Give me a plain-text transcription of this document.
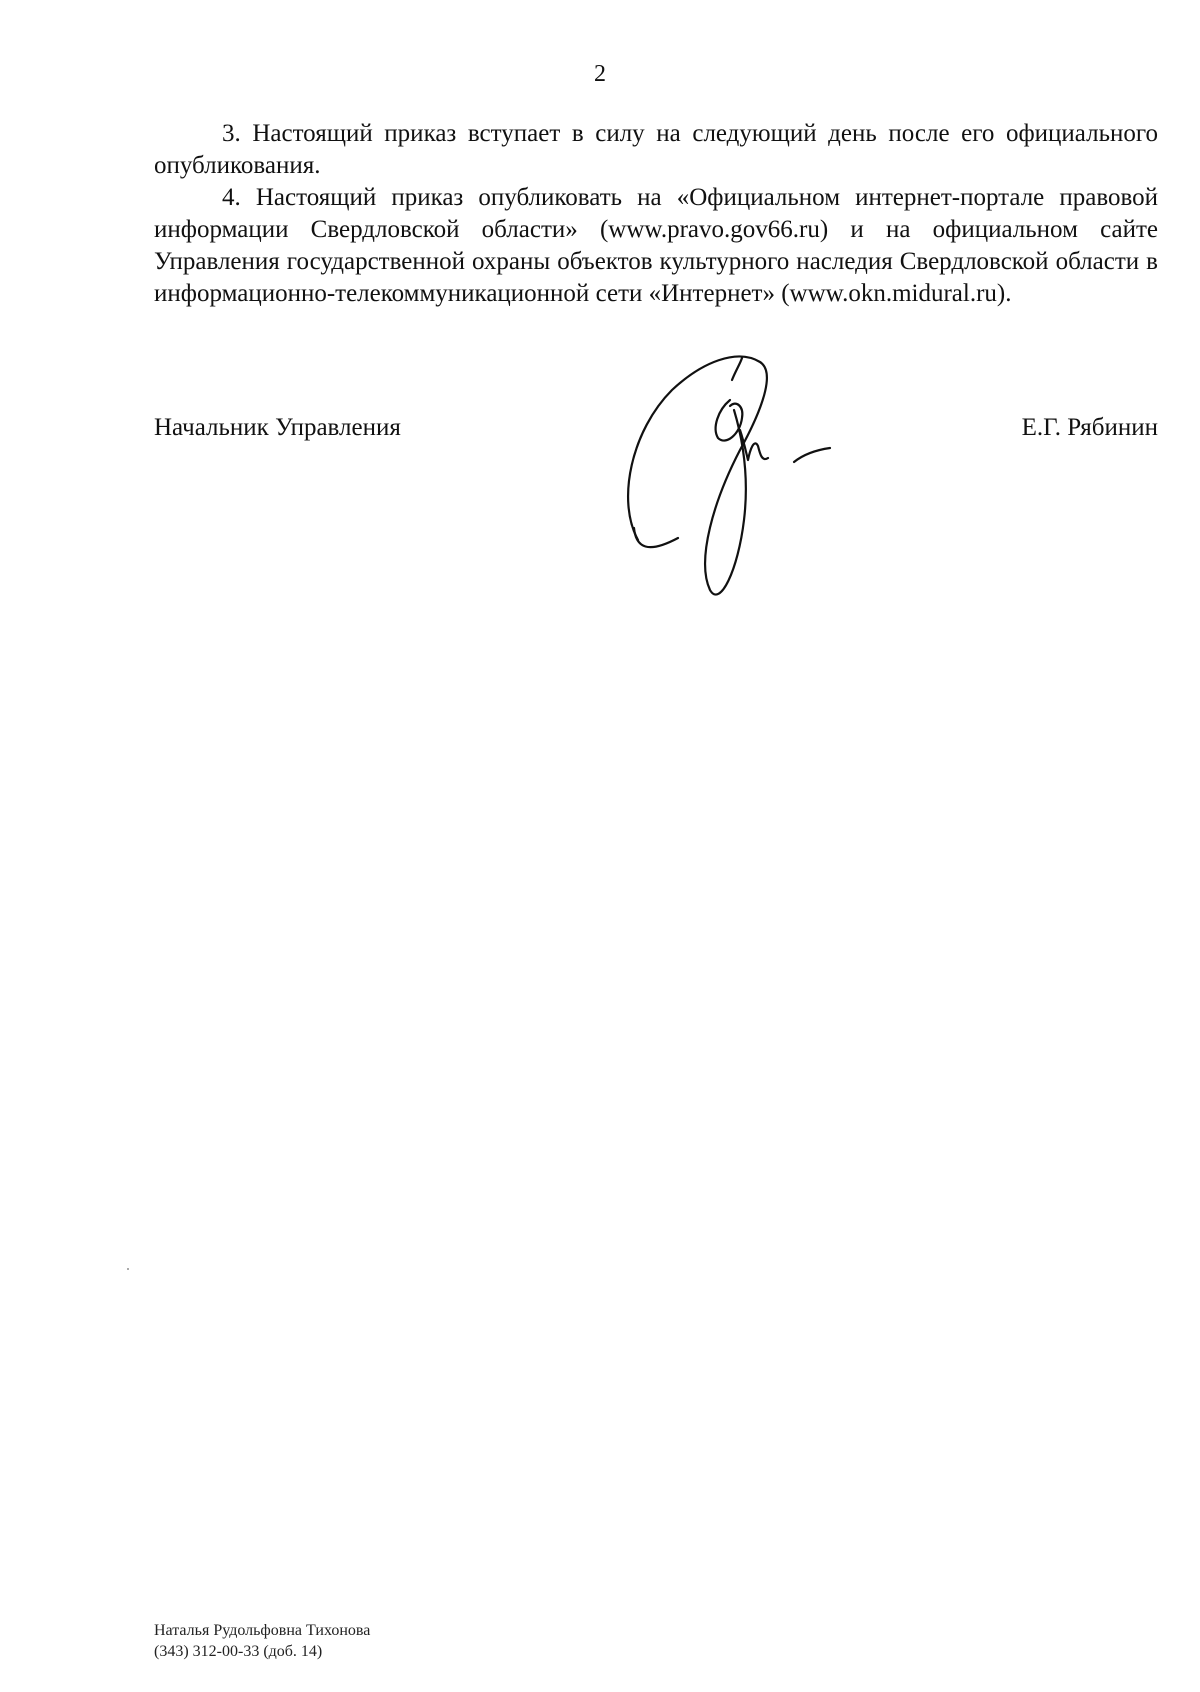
2

3. Настоящий приказ вступает в силу на следующий день после его официального опубликования.

4. Настоящий приказ опубликовать на «Официальном интернет-портале правовой информации Свердловской области» (www.pravo.gov66.ru) и на официальном сайте Управления государственной охраны объектов культурного наследия Свердловской области в информационно-телекоммуникационной сети «Интернет» (www.okn.midural.ru).

Начальник Управления	Е.Г. Рябинин
Наталья Рудольфовна Тихонова
(343) 312-00-33 (доб. 14)
